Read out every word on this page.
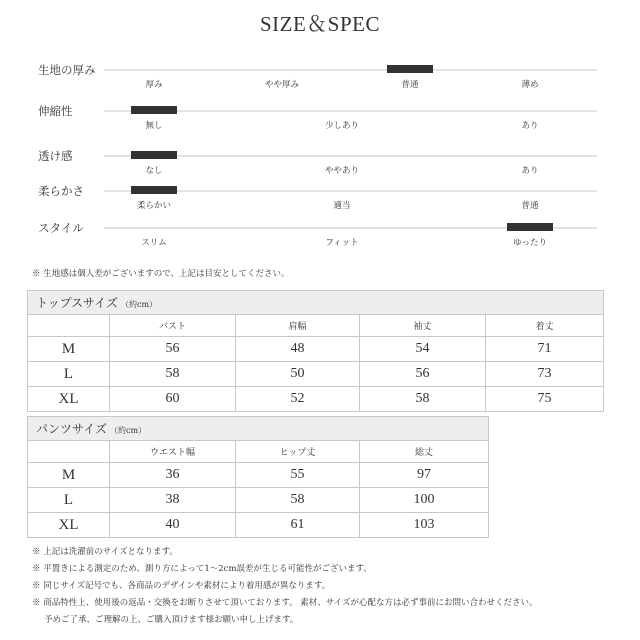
SIZE＆SPEC
生地の厚み
厚み	やや厚み	普通	薄め
伸縮性
無し	少しあり	あり
透け感
なし	ややあり	あり
柔らかさ
柔らかい	適当	普通
スタイル
スリム	フィット	ゆったり
※ 生地感は個人差がございますので、上記は目安としてください。
トップスサイズ （約cm）				
	バスト	肩幅	袖丈	着丈
M	56	48	54	71
L	58	50	56	73
XL	60	52	58	75
パンツサイズ （約cm）			
	ウエスト幅	ヒップ丈	総丈
M	36	55	97
L	38	58	100
XL	40	61	103
※ 上記は洗濯前のサイズとなります。
※ 平置きによる測定のため、測り方によって1～2cm誤差が生じる可能性がございます。
※ 同じサイズ記号でも、各商品のデザインや素材により着用感が異なります。
※ 商品特性上、使用後の返品・交換をお断りさせて頂いております。 素材、サイズが心配な方は必ず事前にお問い合わせください。
予めご了承、ご理解の上、ご購入頂けます様お願い申し上げます。
